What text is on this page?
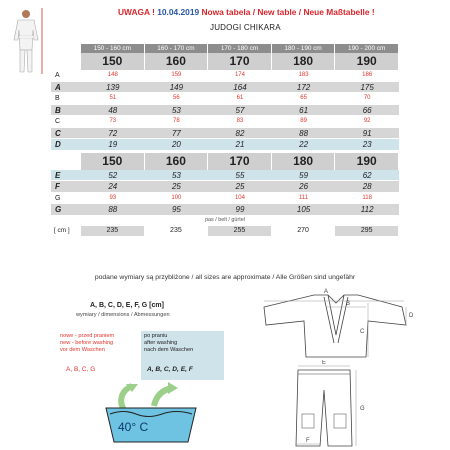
UWAGA ! 10.04.2019 Nowa tabela / New table / Neue Maßtabelle !
JUDOGI CHIKARA
150 - 160 cm	160 - 170 cm	170 - 180 cm	180 - 190 cm	190 - 200 cm
150	160	170	180	190
A	148	159	174	183	186
A	139	149	164	172	175
B	51	56	61	65	70
B	48	53	57	61	66
C	73	78	83	89	92
C	72	77	82	88	91
D	19	20	21	22	23
150	160	170	180	190
E	52	53	55	59	62
F	24	25	25	26	28
G	93	100	104	111	118
G	88	95	99	105	112
pas / belt / gürtel
[ cm ]	235	235	255	270	295
podane wymiary są przybliżone / all sizes are approximate / Alle Größen sind ungefähr
A, B, C, D, E, F, G [cm]
wymiary / dimensions / Abmessungen
nowe - przed praniem
new - before washing
vor dem Waschen
A, B, C, G
po praniu
after washing
nach dem Waschen
A, B, C, D, E, F
40° C
A
B
C
D
E
F
G
